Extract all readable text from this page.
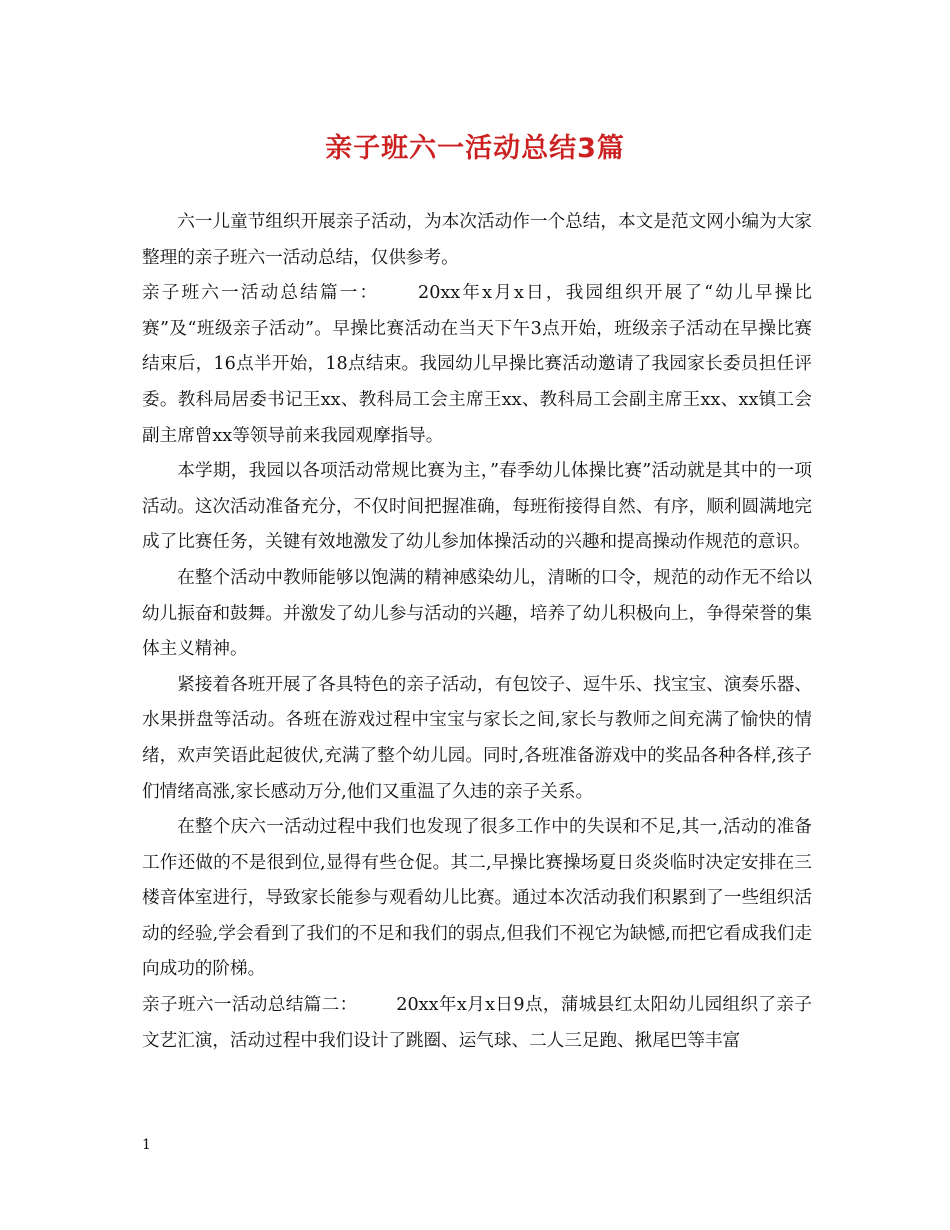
亲子班六一活动总结3篇

六一儿童节组织开展亲子活动，为本次活动作一个总结，本文是范文网小编为大家整理的亲子班六一活动总结，仅供参考。

亲子班六一活动总结篇一： 20xx年x月x日，我园组织开展了“幼儿早操比赛”及“班级亲子活动”。早操比赛活动在当天下午3点开始，班级亲子活动在早操比赛结束后，16点半开始，18点结束。我园幼儿早操比赛活动邀请了我园家长委员担任评委。教科局居委书记王xx、教科局工会主席王xx、教科局工会副主席王xx、xx镇工会副主席曾xx等领导前来我园观摩指导。

本学期，我园以各项活动常规比赛为主，”春季幼儿体操比赛”活动就是其中的一项活动。这次活动准备充分，不仅时间把握准确，每班衔接得自然、有序，顺利圆满地完成了比赛任务，关键有效地激发了幼儿参加体操活动的兴趣和提高操动作规范的意识。

在整个活动中教师能够以饱满的精神感染幼儿，清晰的口令，规范的动作无不给以幼儿振奋和鼓舞。并激发了幼儿参与活动的兴趣，培养了幼儿积极向上，争得荣誉的集体主义精神。

紧接着各班开展了各具特色的亲子活动，有包饺子、逗牛乐、找宝宝、演奏乐器、水果拼盘等活动。各班在游戏过程中宝宝与家长之间,家长与教师之间充满了愉快的情绪，欢声笑语此起彼伏,充满了整个幼儿园。同时,各班准备游戏中的奖品各种各样,孩子们情绪高涨,家长感动万分,他们又重温了久违的亲子关系。

在整个庆六一活动过程中我们也发现了很多工作中的失误和不足,其一,活动的准备工作还做的不是很到位,显得有些仓促。其二,早操比赛操场夏日炎炎临时决定安排在三楼音体室进行，导致家长能参与观看幼儿比赛。通过本次活动我们积累到了一些组织活动的经验,学会看到了我们的不足和我们的弱点,但我们不视它为缺憾,而把它看成我们走向成功的阶梯。

亲子班六一活动总结篇二： 20xx年x月x日9点，蒲城县红太阳幼儿园组织了亲子文艺汇演，活动过程中我们设计了跳圈、运气球、二人三足跑、揪尾巴等丰富

1
